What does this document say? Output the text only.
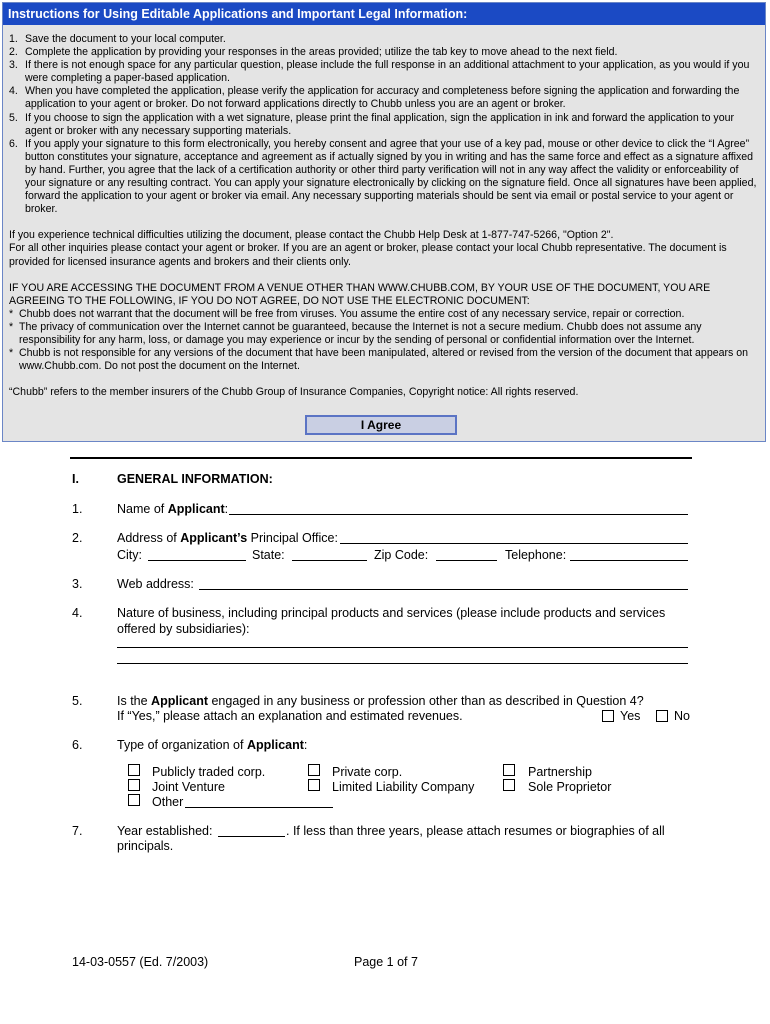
Instructions for Using Editable Applications and Important Legal Information:
1. Save the document to your local computer.
2. Complete the application by providing your responses in the areas provided; utilize the tab key to move ahead to the next field.
3. If there is not enough space for any particular question, please include the full response in an additional attachment to your application, as you would if you were completing a paper-based application.
4. When you have completed the application, please verify the application for accuracy and completeness before signing the application and forwarding the application to your agent or broker. Do not forward applications directly to Chubb unless you are an agent or broker.
5. If you choose to sign the application with a wet signature, please print the final application, sign the application in ink and forward the application to your agent or broker with any necessary supporting materials.
6. If you apply your signature to this form electronically, you hereby consent and agree that your use of a key pad, mouse or other device to click the “I Agree” button constitutes your signature, acceptance and agreement as if actually signed by you in writing and has the same force and effect as a signature affixed by hand. Further, you agree that the lack of a certification authority or other third party verification will not in any way affect the validity or enforceability of your signature or any resulting contract. You can apply your signature electronically by clicking on the signature field. Once all signatures have been applied, forward the application to your agent or broker via email. Any necessary supporting materials should be sent via email or postal service to your agent or broker.

If you experience technical difficulties utilizing the document, please contact the Chubb Help Desk at 1-877-747-5266, "Option 2".

For all other inquiries please contact your agent or broker. If you are an agent or broker, please contact your local Chubb representative. The document is provided for licensed insurance agents and brokers and their clients only.

IF YOU ARE ACCESSING THE DOCUMENT FROM A VENUE OTHER THAN WWW.CHUBB.COM, BY YOUR USE OF THE DOCUMENT, YOU ARE AGREEING TO THE FOLLOWING, IF YOU DO NOT AGREE, DO NOT USE THE ELECTRONIC DOCUMENT:

* Chubb does not warrant that the document will be free from viruses. You assume the entire cost of any necessary service, repair or correction.
* The privacy of communication over the Internet cannot be guaranteed, because the Internet is not a secure medium. Chubb does not assume any responsibility for any harm, loss, or damage you may experience or incur by the sending of personal or confidential information over the Internet.
* Chubb is not responsible for any versions of the document that have been manipulated, altered or revised from the version of the document that appears on www.Chubb.com. Do not post the document on the Internet.

“Chubb” refers to the member insurers of the Chubb Group of Insurance Companies, Copyright notice: All rights reserved.

I Agree
I.	GENERAL INFORMATION:
1.	Name of Applicant:
2.	Address of Applicant’s Principal Office:
City:	State:	Zip Code:	Telephone:
3.	Web address:
4.	Nature of business, including principal products and services (please include products and services
offered by subsidiaries):
5.	Is the Applicant engaged in any business or profession other than as described in Question 4?
If “Yes,” please attach an explanation and estimated revenues.	Yes	No
6.	Type of organization of Applicant:
Publicly traded corp.	Private corp.	Partnership
Joint Venture	Limited Liability Company	Sole Proprietor
Other
7.	Year established:	. If less than three years, please attach resumes or biographies of all
principals.
14-03-0557 (Ed. 7/2003)	Page 1 of 7
